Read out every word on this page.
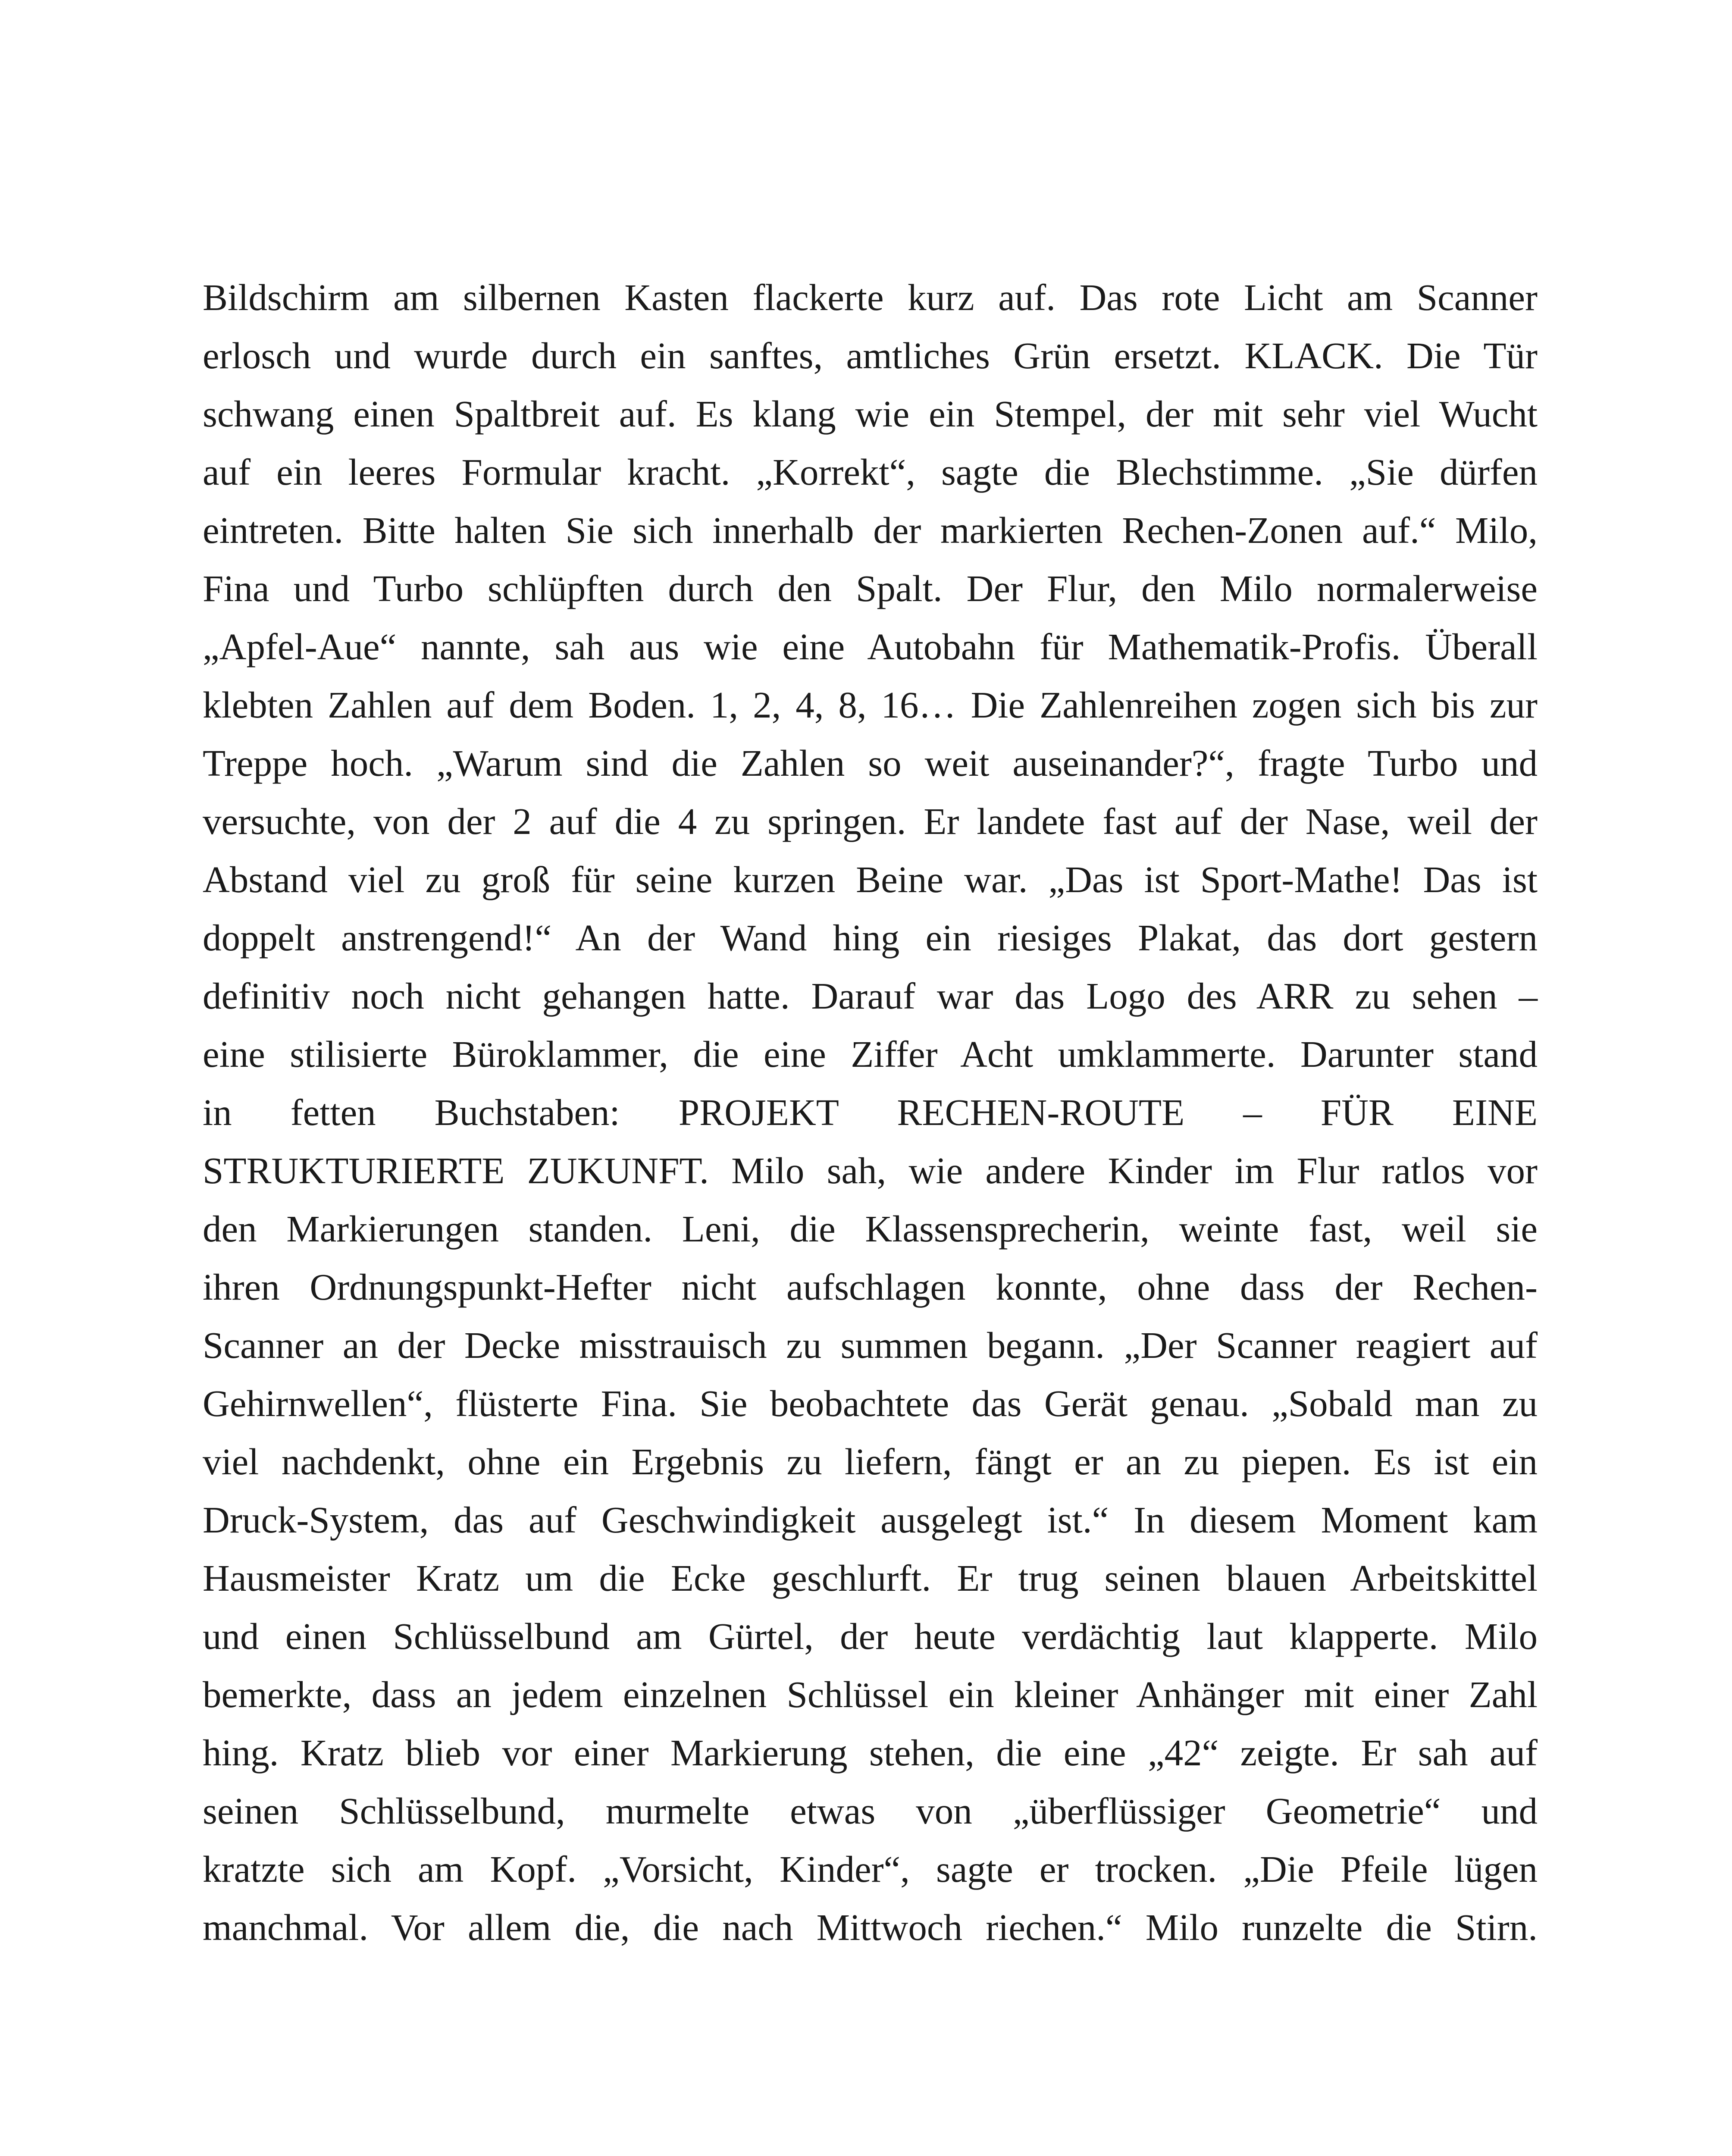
Bildschirm am silbernen Kasten flackerte kurz auf. Das rote Licht am Scanner
erlosch und wurde durch ein sanftes, amtliches Grün ersetzt. KLACK. Die Tür
schwang einen Spaltbreit auf. Es klang wie ein Stempel, der mit sehr viel Wucht
auf ein leeres Formular kracht. „Korrekt“, sagte die Blechstimme. „Sie dürfen
eintreten. Bitte halten Sie sich innerhalb der markierten Rechen-Zonen auf.“ Milo,
Fina und Turbo schlüpften durch den Spalt. Der Flur, den Milo normalerweise
„Apfel-Aue“ nannte, sah aus wie eine Autobahn für Mathematik-Profis. Überall
klebten Zahlen auf dem Boden. 1, 2, 4, 8, 16… Die Zahlenreihen zogen sich bis zur
Treppe hoch. „Warum sind die Zahlen so weit auseinander?“, fragte Turbo und
versuchte, von der 2 auf die 4 zu springen. Er landete fast auf der Nase, weil der
Abstand viel zu groß für seine kurzen Beine war. „Das ist Sport-Mathe! Das ist
doppelt anstrengend!“ An der Wand hing ein riesiges Plakat, das dort gestern
definitiv noch nicht gehangen hatte. Darauf war das Logo des ARR zu sehen –
eine stilisierte Büroklammer, die eine Ziffer Acht umklammerte. Darunter stand
in fetten Buchstaben: PROJEKT RECHEN-ROUTE – FÜR EINE
STRUKTURIERTE ZUKUNFT. Milo sah, wie andere Kinder im Flur ratlos vor
den Markierungen standen. Leni, die Klassensprecherin, weinte fast, weil sie
ihren Ordnungspunkt-Hefter nicht aufschlagen konnte, ohne dass der Rechen-
Scanner an der Decke misstrauisch zu summen begann. „Der Scanner reagiert auf
Gehirnwellen“, flüsterte Fina. Sie beobachtete das Gerät genau. „Sobald man zu
viel nachdenkt, ohne ein Ergebnis zu liefern, fängt er an zu piepen. Es ist ein
Druck-System, das auf Geschwindigkeit ausgelegt ist.“ In diesem Moment kam
Hausmeister Kratz um die Ecke geschlurft. Er trug seinen blauen Arbeitskittel
und einen Schlüsselbund am Gürtel, der heute verdächtig laut klapperte. Milo
bemerkte, dass an jedem einzelnen Schlüssel ein kleiner Anhänger mit einer Zahl
hing. Kratz blieb vor einer Markierung stehen, die eine „42“ zeigte. Er sah auf
seinen Schlüsselbund, murmelte etwas von „überflüssiger Geometrie“ und
kratzte sich am Kopf. „Vorsicht, Kinder“, sagte er trocken. „Die Pfeile lügen
manchmal. Vor allem die, die nach Mittwoch riechen.“ Milo runzelte die Stirn.
